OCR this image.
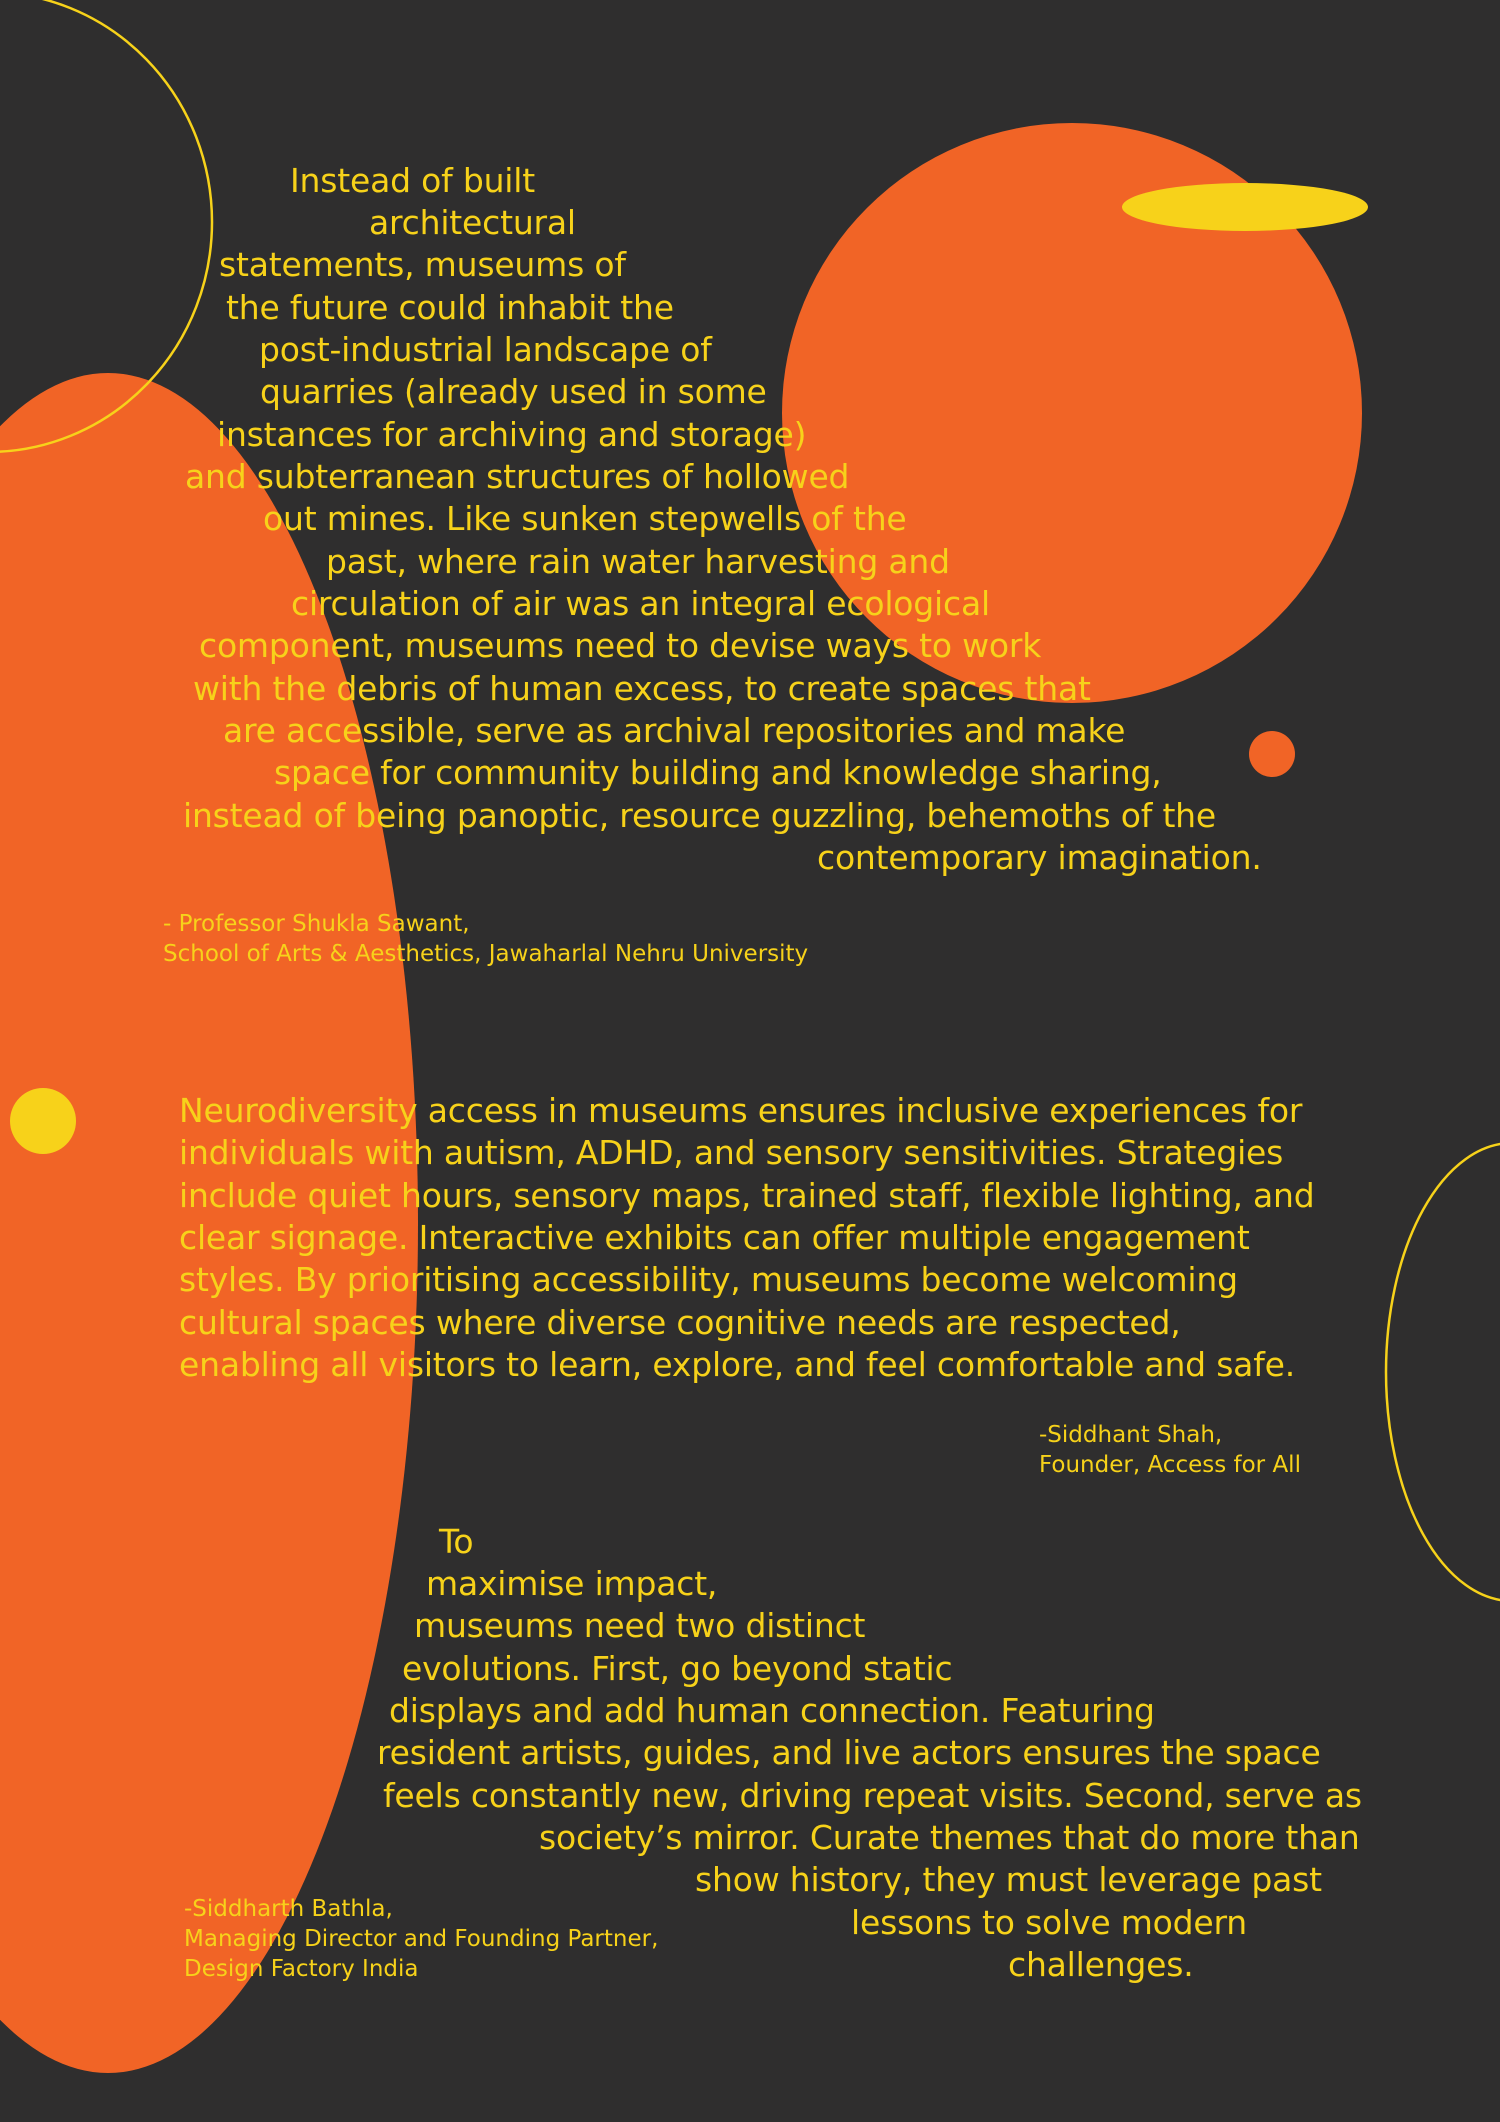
Instead of built
architectural
statements, museums of
the future could inhabit the
post-industrial landscape of
quarries (already used in some
instances for archiving and storage)
and subterranean structures of hollowed
out mines. Like sunken stepwells of the
past, where rain water harvesting and
circulation of air was an integral ecological
component, museums need to devise ways to work
with the debris of human excess, to create spaces that
are accessible, serve as archival repositories and make
space for community building and knowledge sharing,
instead of being panoptic, resource guzzling, behemoths of the
contemporary imagination.
- Professor Shukla Sawant,
School of Arts & Aesthetics, Jawaharlal Nehru University
Neurodiversity access in museums ensures inclusive experiences for
individuals with autism, ADHD, and sensory sensitivities. Strategies
include quiet hours, sensory maps, trained staff, flexible lighting, and
clear signage. Interactive exhibits can offer multiple engagement
styles. By prioritising accessibility, museums become welcoming
cultural spaces where diverse cognitive needs are respected,
enabling all visitors to learn, explore, and feel comfortable and safe.
-Siddhant Shah,
Founder, Access for All
To
maximise impact,
museums need two distinct
evolutions. First, go beyond static
displays and add human connection. Featuring
resident artists, guides, and live actors ensures the space
feels constantly new, driving repeat visits. Second, serve as
society’s mirror. Curate themes that do more than
show history, they must leverage past
lessons to solve modern
challenges.
-Siddharth Bathla,
Managing Director and Founding Partner,
Design Factory India
